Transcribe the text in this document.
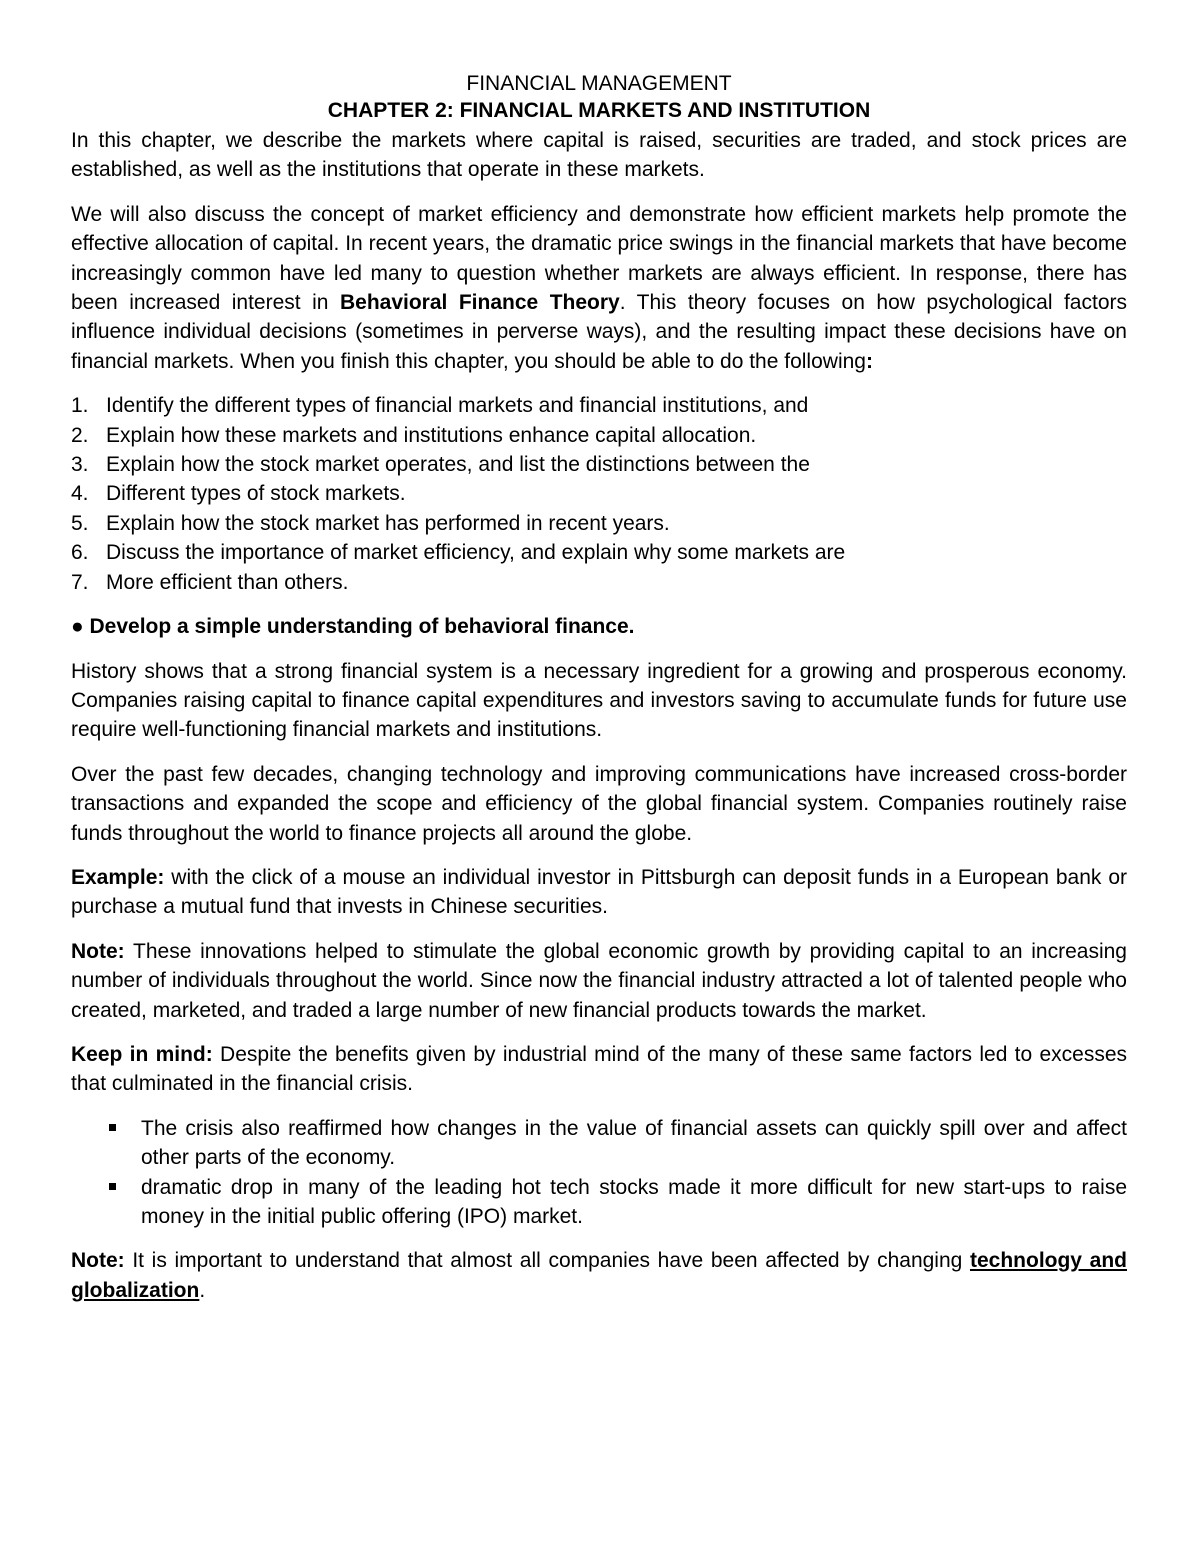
FINANCIAL MANAGEMENT
CHAPTER 2: FINANCIAL MARKETS AND INSTITUTION

In this chapter, we describe the markets where capital is raised, securities are traded, and stock prices are established, as well as the institutions that operate in these markets.

We will also discuss the concept of market efficiency and demonstrate how efficient markets help promote the effective allocation of capital. In recent years, the dramatic price swings in the financial markets that have become increasingly common have led many to question whether markets are always efficient. In response, there has been increased interest in Behavioral Finance Theory. This theory focuses on how psychological factors influence individual decisions (sometimes in perverse ways), and the resulting impact these decisions have on financial markets. When you finish this chapter, you should be able to do the following:

1. Identify the different types of financial markets and financial institutions, and
2. Explain how these markets and institutions enhance capital allocation.
3. Explain how the stock market operates, and list the distinctions between the
4. Different types of stock markets.
5. Explain how the stock market has performed in recent years.
6. Discuss the importance of market efficiency, and explain why some markets are
7. More efficient than others.
● Develop a simple understanding of behavioral finance.

History shows that a strong financial system is a necessary ingredient for a growing and prosperous economy. Companies raising capital to finance capital expenditures and investors saving to accumulate funds for future use require well-functioning financial markets and institutions.

Over the past few decades, changing technology and improving communications have increased cross-border transactions and expanded the scope and efficiency of the global financial system. Companies routinely raise funds throughout the world to finance projects all around the globe.

Example: with the click of a mouse an individual investor in Pittsburgh can deposit funds in a European bank or purchase a mutual fund that invests in Chinese securities.

Note: These innovations helped to stimulate the global economic growth by providing capital to an increasing number of individuals throughout the world. Since now the financial industry attracted a lot of talented people who created, marketed, and traded a large number of new financial products towards the market.

Keep in mind: Despite the benefits given by industrial mind of the many of these same factors led to excesses that culminated in the financial crisis.

The crisis also reaffirmed how changes in the value of financial assets can quickly spill over and affect other parts of the economy.
dramatic drop in many of the leading hot tech stocks made it more difficult for new start-ups to raise money in the initial public offering (IPO) market.

Note: It is important to understand that almost all companies have been affected by changing technology and globalization.
